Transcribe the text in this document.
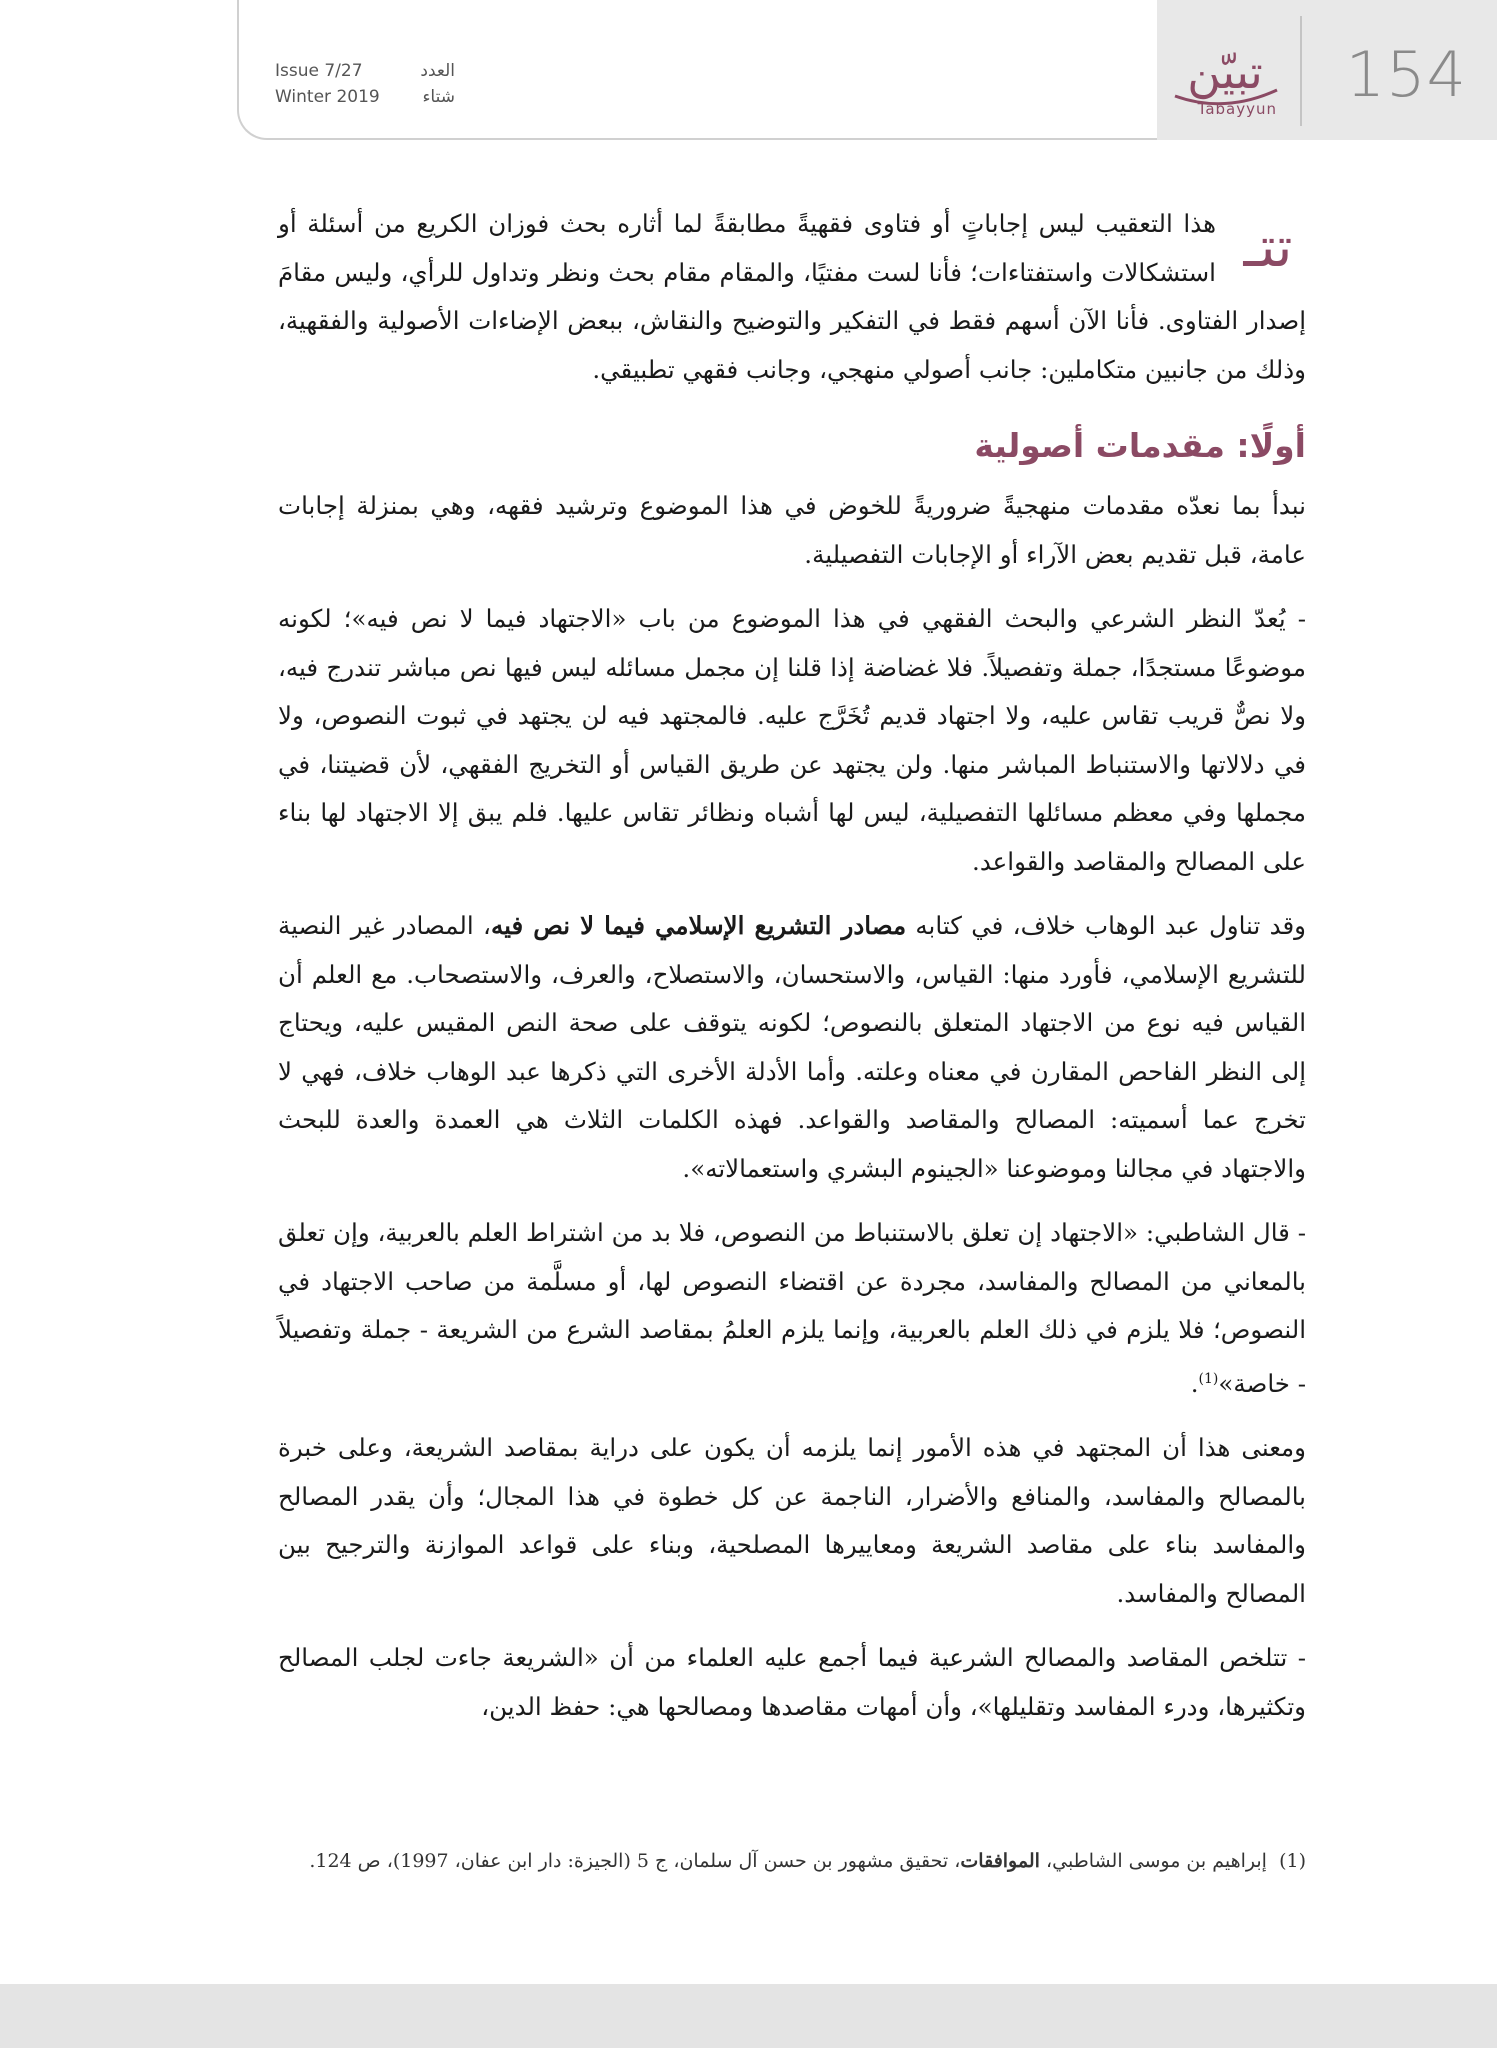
Issue 7/27	العدد
Winter 2019	شتاء	تبيّن
Tabayyun 154

تتـ
هذا التعقيب ليس إجاباتٍ أو فتاوى فقهيةً مطابقةً لما أثاره بحث فوزان الكريع من أسئلة أو استشكالات واستفتاءات؛ فأنا لست مفتيًا، والمقام مقام بحث ونظر وتداول للرأي، وليس مقامَ إصدار الفتاوى. فأنا الآن أسهم فقط في التفكير والتوضيح والنقاش، ببعض الإضاءات الأصولية والفقهية، وذلك من جانبين متكاملين: جانب أصولي منهجي، وجانب فقهي تطبيقي.

أولًا: مقدمات أصولية

نبدأ بما نعدّه مقدمات منهجيةً ضروريةً للخوض في هذا الموضوع وترشيد فقهه، وهي بمنزلة إجابات عامة، قبل تقديم بعض الآراء أو الإجابات التفصيلية.

- يُعدّ النظر الشرعي والبحث الفقهي في هذا الموضوع من باب «الاجتهاد فيما لا نص فيه»؛ لكونه موضوعًا مستجدًا، جملة وتفصيلاً. فلا غضاضة إذا قلنا إن مجمل مسائله ليس فيها نص مباشر تندرج فيه، ولا نصٌّ قريب تقاس عليه، ولا اجتهاد قديم تُخَرَّج عليه. فالمجتهد فيه لن يجتهد في ثبوت النصوص، ولا في دلالاتها والاستنباط المباشر منها. ولن يجتهد عن طريق القياس أو التخريج الفقهي، لأن قضيتنا، في مجملها وفي معظم مسائلها التفصيلية، ليس لها أشباه ونظائر تقاس عليها. فلم يبق إلا الاجتهاد لها بناء على المصالح والمقاصد والقواعد.

وقد تناول عبد الوهاب خلاف، في كتابه مصادر التشريع الإسلامي فيما لا نص فيه، المصادر غير النصية للتشريع الإسلامي، فأورد منها: القياس، والاستحسان، والاستصلاح، والعرف، والاستصحاب. مع العلم أن القياس فيه نوع من الاجتهاد المتعلق بالنصوص؛ لكونه يتوقف على صحة النص المقيس عليه، ويحتاج إلى النظر الفاحص المقارن في معناه وعلته. وأما الأدلة الأخرى التي ذكرها عبد الوهاب خلاف، فهي لا تخرج عما أسميته: المصالح والمقاصد والقواعد. فهذه الكلمات الثلاث هي العمدة والعدة للبحث والاجتهاد في مجالنا وموضوعنا «الجينوم البشري واستعمالاته».

- قال الشاطبي: «الاجتهاد إن تعلق بالاستنباط من النصوص، فلا بد من اشتراط العلم بالعربية، وإن تعلق بالمعاني من المصالح والمفاسد، مجردة عن اقتضاء النصوص لها، أو مسلَّمة من صاحب الاجتهاد في النصوص؛ فلا يلزم في ذلك العلم بالعربية، وإنما يلزم العلمُ بمقاصد الشرع من الشريعة - جملة وتفصيلاً - خاصة»$^{(1)}$.

ومعنى هذا أن المجتهد في هذه الأمور إنما يلزمه أن يكون على دراية بمقاصد الشريعة، وعلى خبرة بالمصالح والمفاسد، والمنافع والأضرار، الناجمة عن كل خطوة في هذا المجال؛ وأن يقدر المصالح والمفاسد بناء على مقاصد الشريعة ومعاييرها المصلحية، وبناء على قواعد الموازنة والترجيح بين المصالح والمفاسد.

- تتلخص المقاصد والمصالح الشرعية فيما أجمع عليه العلماء من أن «الشريعة جاءت لجلب المصالح وتكثيرها، ودرء المفاسد وتقليلها»، وأن أمهات مقاصدها ومصالحها هي: حفظ الدين،

(1)  إبراهيم بن موسى الشاطبي، الموافقات، تحقيق مشهور بن حسن آل سلمان، ج 5 (الجيزة: دار ابن عفان، 1997)، ص 124.
